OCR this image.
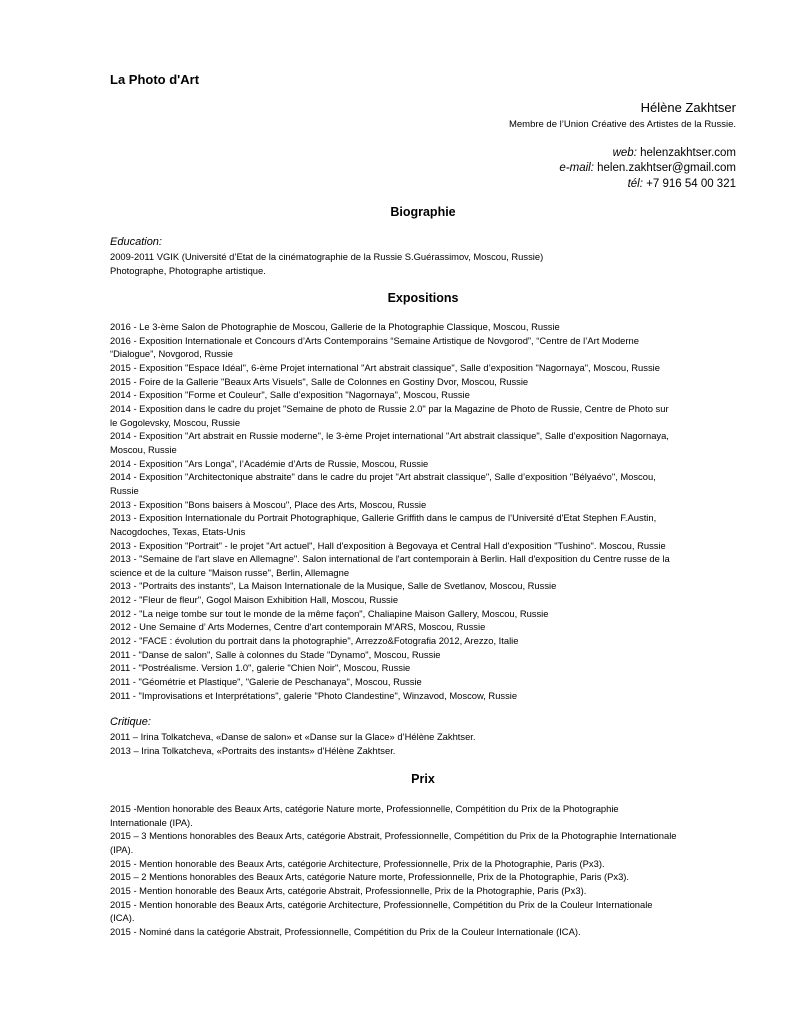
La Photo d'Art

Hélène Zakhtser

Membre de l’Union Créative des Artistes de la Russie.

web: helenzakhtser.com
e-mail: helen.zakhtser@gmail.com
tél: +7 916 54 00 321
Biographie

Education:

2009-2011 VGIK (Université d’Etat de la cinématographie de la Russie S.Guérassimov, Moscou, Russie)

Photographe, Photographe artistique.

Expositions

2016 - Le 3-ème Salon de Photographie de Moscou, Gallerie de la Photographie Classique, Moscou, Russie

2016 - Exposition Internationale et Concours d’Arts Contemporains “Semaine Artistique de Novgorod”, “Centre de l’Art Moderne

“Dialogue”, Novgorod, Russie

2015 - Exposition "Espace Idéal", 6-ème Projet international "Art abstrait classique", Salle d’exposition "Nagornaya", Moscou, Russie

2015 - Foire de la Gallerie "Beaux Arts Visuels", Salle de Colonnes en Gostiny Dvor, Moscou, Russie

2014 - Exposition "Forme et Couleur", Salle d’exposition "Nagornaya", Moscou, Russie

2014 - Exposition dans le cadre du projet "Semaine de photo de Russie 2.0" par la Magazine de Photo de Russie, Centre de Photo sur

le Gogolevsky, Moscou, Russie

2014 - Exposition "Art abstrait en Russie moderne", le 3-ème Projet international "Art abstrait classique", Salle d’exposition Nagornaya,

Moscou, Russie

2014 - Exposition "Ars Longa", l’Académie d’Arts de Russie, Moscou, Russie

2014 - Exposition "Architectonique abstraite" dans le cadre du projet "Art abstrait classique", Salle d’exposition "Bélyaévo", Moscou,

Russie

2013 - Exposition "Bons baisers à Moscou", Place des Arts, Moscou, Russie

2013 - Exposition Internationale du Portrait Photographique, Gallerie Griffith dans le campus de l’Université d'Etat Stephen F.Austin,

Nacogdoches, Texas, Etats-Unis

2013 - Exposition "Portrait" - le projet "Art actuel", Hall d'exposition à Begovaya et Central Hall d'exposition "Tushino". Moscou, Russie

2013 - "Semaine de l'art slave en Allemagne". Salon international de l'art contemporain à Berlin. Hall d'exposition du Centre russe de la

science et de la culture "Maison russe", Berlin, Allemagne

2013 - "Portraits des instants", La Maison Internationale de la Musique, Salle de Svetlanov, Moscou, Russie

2012 - "Fleur de fleur", Gogol Maison Exhibition Hall, Moscou, Russie

2012 - "La neige tombe sur tout le monde de la même façon", Chaliapine Maison Gallery, Moscou, Russie

2012 - Une Semaine d’ Arts Modernes, Centre d'art contemporain M'ARS, Moscou, Russie

2012 - "FACE : évolution du portrait dans la photographie", Arrezzo&Fotografia 2012, Arezzo, Italie

2011 - "Danse de salon", Salle à colonnes du Stade "Dynamo", Moscou, Russie

2011 - "Postréalisme. Version 1.0", galerie "Chien Noir", Moscou, Russie

2011 - "Géométrie et Plastique", "Galerie de Peschanaya", Moscou, Russie

2011 - "Improvisations et Interprétations", galerie "Photo Clandestine", Winzavod, Moscow, Russie

Critique:

2011 – Irina Tolkatcheva, «Danse de salon» et «Danse sur la Glace» d’Hélène Zakhtser.

2013 – Irina Tolkatcheva, «Portraits des instants» d’Hélène Zakhtser.

Prix

2015 -Mention honorable des Beaux Arts, catégorie Nature morte, Professionnelle, Compétition du Prix de la Photographie

Internationale (IPA).

2015 – 3 Mentions honorables des Beaux Arts, catégorie Abstrait, Professionnelle, Compétition du Prix de la Photographie Internationale

(IPA).

2015 - Mention honorable des Beaux Arts, catégorie Architecture, Professionnelle, Prix de la Photographie, Paris (Px3).

2015 – 2 Mentions honorables des Beaux Arts, catégorie Nature morte, Professionnelle, Prix de la Photographie, Paris (Px3).

2015 - Mention honorable des Beaux Arts, catégorie Abstrait, Professionnelle, Prix de la Photographie, Paris (Px3).

2015 - Mention honorable des Beaux Arts, catégorie Architecture, Professionnelle, Compétition du Prix de la Couleur Internationale

(ICA).

2015 - Nominé dans la catégorie Abstrait, Professionnelle, Compétition du Prix de la Couleur Internationale (ICA).
